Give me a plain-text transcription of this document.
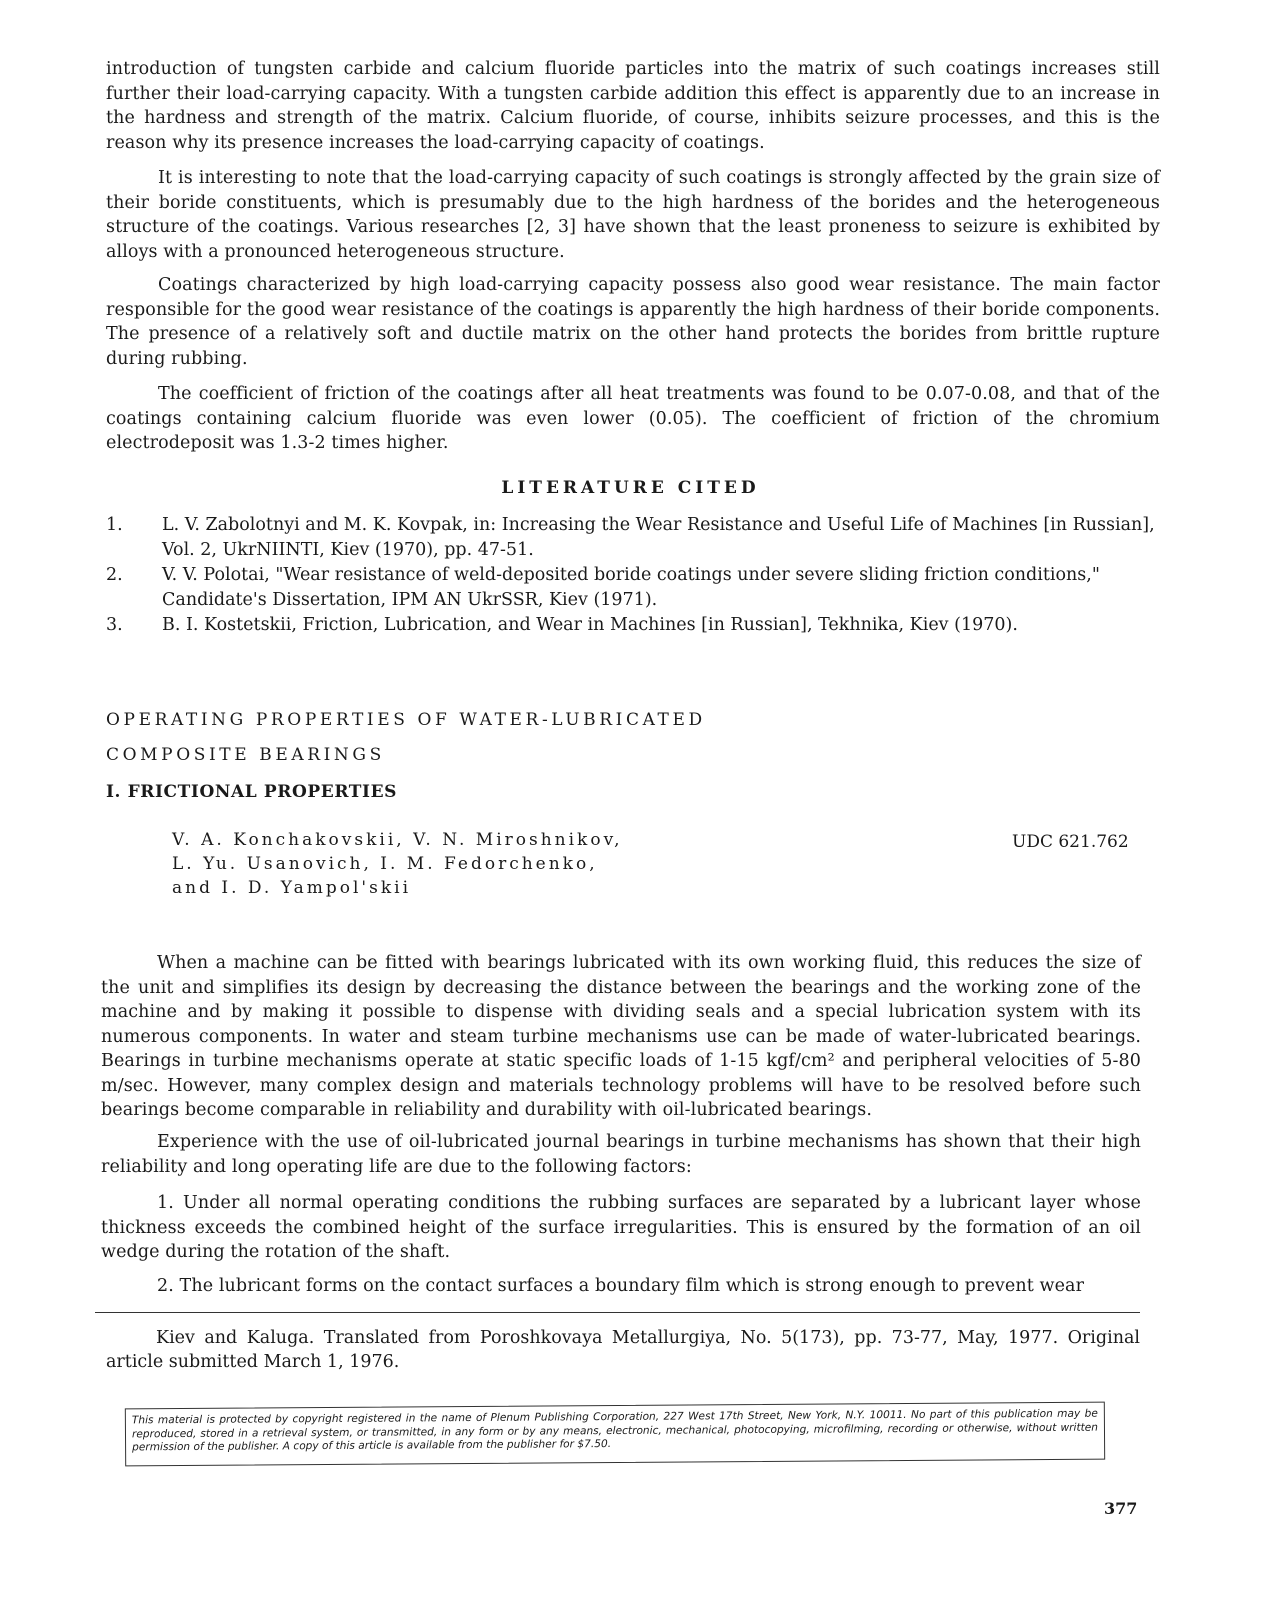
introduction of tungsten carbide and calcium fluoride particles into the matrix of such coatings increases still further their load-carrying capacity. With a tungsten carbide addition this effect is apparently due to an increase in the hardness and strength of the matrix. Calcium fluoride, of course, inhibits seizure processes, and this is the reason why its presence increases the load-carrying capacity of coatings.

It is interesting to note that the load-carrying capacity of such coatings is strongly affected by the grain size of their boride constituents, which is presumably due to the high hardness of the borides and the heterogeneous structure of the coatings. Various researches [2, 3] have shown that the least proneness to seizure is exhibited by alloys with a pronounced heterogeneous structure.

Coatings characterized by high load-carrying capacity possess also good wear resistance. The main factor responsible for the good wear resistance of the coatings is apparently the high hardness of their boride components. The presence of a relatively soft and ductile matrix on the other hand protects the borides from brittle rupture during rubbing.

The coefficient of friction of the coatings after all heat treatments was found to be 0.07-0.08, and that of the coatings containing calcium fluoride was even lower (0.05). The coefficient of friction of the chromium electrodeposit was 1.3-2 times higher.

LITERATURE CITED
1. L. V. Zabolotnyi and M. K. Kovpak, in: Increasing the Wear Resistance and Useful Life of Machines [in Russian], Vol. 2, UkrNIINTI, Kiev (1970), pp. 47-51.
2. V. V. Polotai, "Wear resistance of weld-deposited boride coatings under severe sliding friction conditions," Candidate's Dissertation, IPM AN UkrSSR, Kiev (1971).
3. B. I. Kostetskii, Friction, Lubrication, and Wear in Machines [in Russian], Tekhnika, Kiev (1970).
OPERATING PROPERTIES OF WATER-LUBRICATED
COMPOSITE BEARINGS
I. FRICTIONAL PROPERTIES
V. A. Konchakovskii, V. N. Miroshnikov,
L. Yu. Usanovich, I. M. Fedorchenko,
and I. D. Yampol'skii
UDC 621.762

When a machine can be fitted with bearings lubricated with its own working fluid, this reduces the size of the unit and simplifies its design by decreasing the distance between the bearings and the working zone of the machine and by making it possible to dispense with dividing seals and a special lubrication system with its numerous components. In water and steam turbine mechanisms use can be made of water-lubricated bearings. Bearings in turbine mechanisms operate at static specific loads of 1-15 kgf/cm² and peripheral velocities of 5-80 m/sec. However, many complex design and materials technology problems will have to be resolved before such bearings become comparable in reliability and durability with oil-lubricated bearings.

Experience with the use of oil-lubricated journal bearings in turbine mechanisms has shown that their high reliability and long operating life are due to the following factors:

1. Under all normal operating conditions the rubbing surfaces are separated by a lubricant layer whose thickness exceeds the combined height of the surface irregularities. This is ensured by the formation of an oil wedge during the rotation of the shaft.

2. The lubricant forms on the contact surfaces a boundary film which is strong enough to prevent wear

Kiev and Kaluga. Translated from Poroshkovaya Metallurgiya, No. 5(173), pp. 73-77, May, 1977. Original article submitted March 1, 1976.

This material is protected by copyright registered in the name of Plenum Publishing Corporation, 227 West 17th Street, New York, N.Y. 10011. No part of this publication may be reproduced, stored in a retrieval system, or transmitted, in any form or by any means, electronic, mechanical, photocopying, microfilming, recording or otherwise, without written permission of the publisher. A copy of this article is available from the publisher for $7.50.
377
